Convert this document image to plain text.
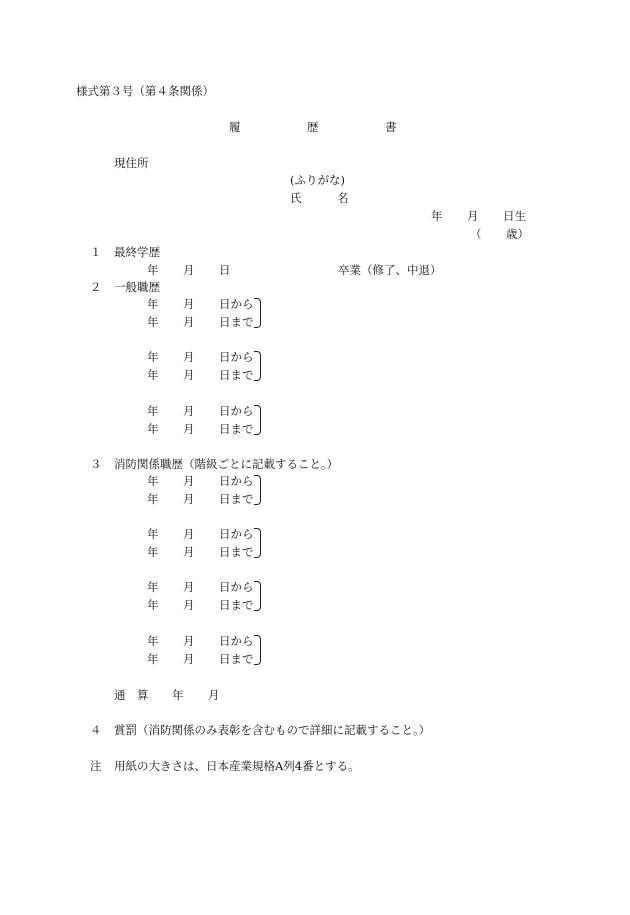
様式第３号（第４条関係）
履	歴	書
現住所
(ふりがな)
氏	名
年 月 日生
（ 歳）
１ 最終学歴
年 月 日	卒業（修了、中退）
２ 一般職歴
年 月 日から
年 月 日まで
年 月 日から
年 月 日まで
年 月 日から
年 月 日まで
３ 消防関係職歴（階級ごとに記載すること。）
年 月 日から
年 月 日まで
年 月 日から
年 月 日まで
年 月 日から
年 月 日まで
年 月 日から
年 月 日まで
通 算 年 月
４ 賞罰（消防関係のみ表彰を含むもので詳細に記載すること。）
注 用紙の大きさは、日本産業規格A列4番とする。
